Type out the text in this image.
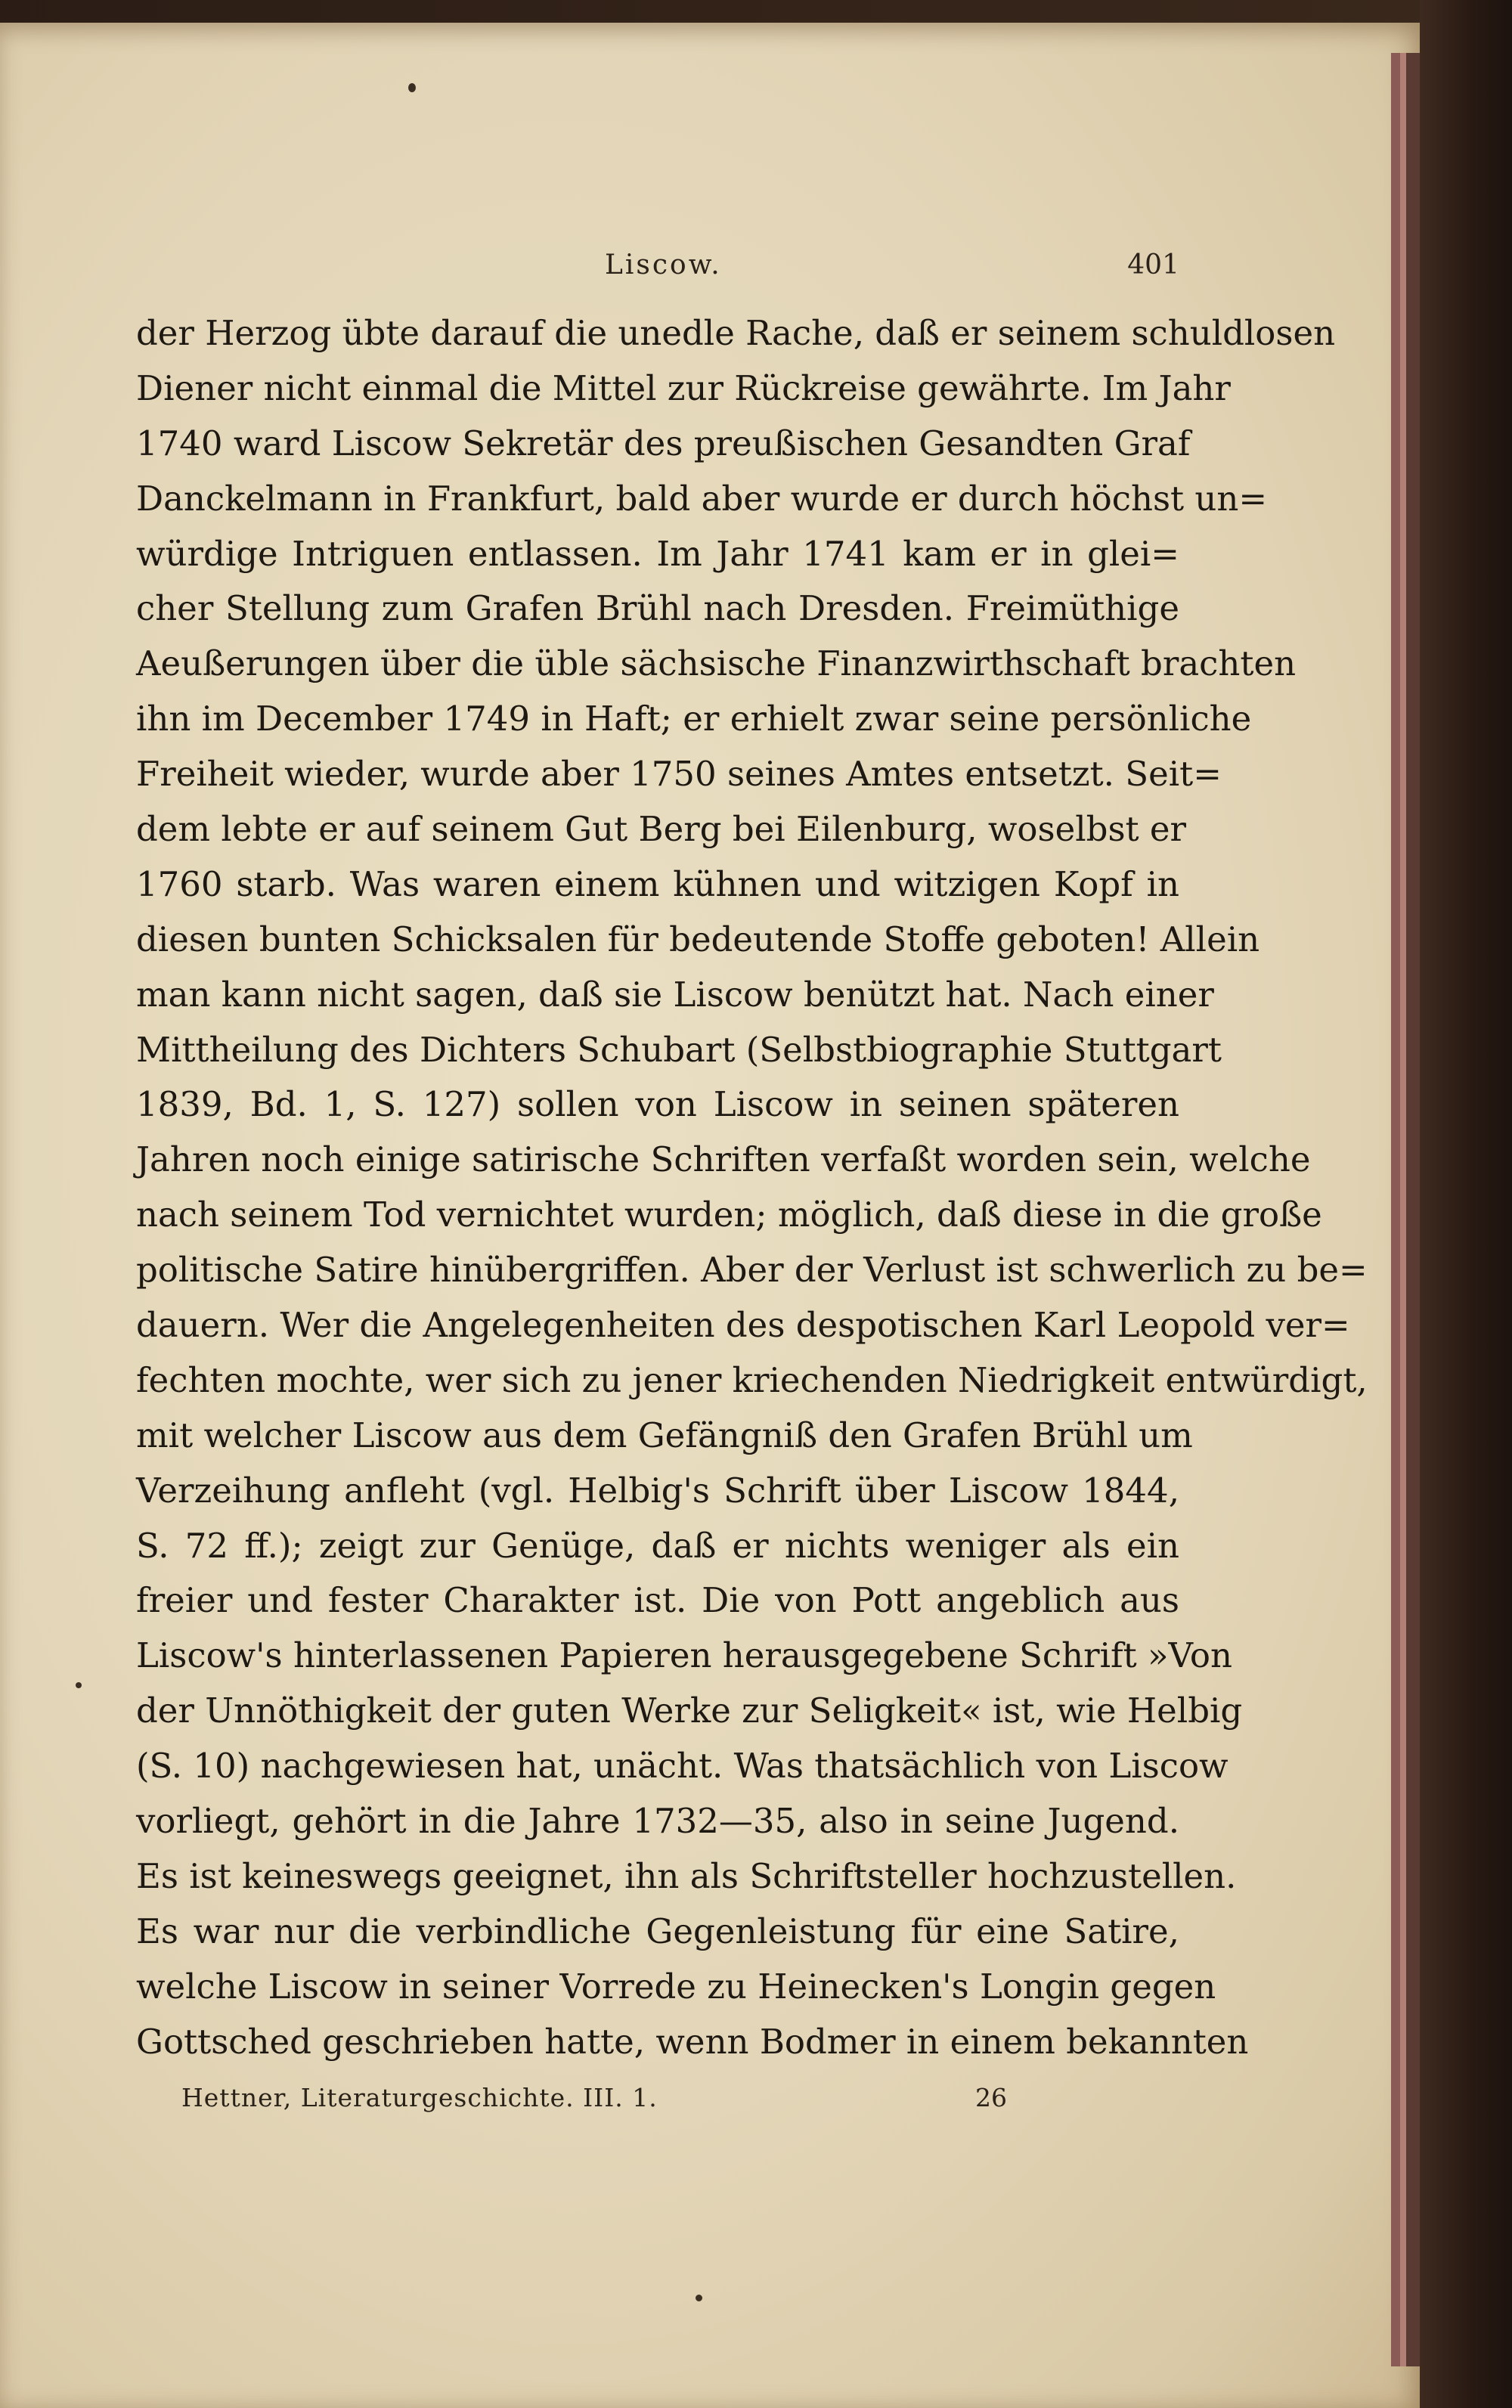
Liscow.	401
der Herzog übte darauf die unedle Rache, daß er seinem schuldlosen
Diener nicht einmal die Mittel zur Rückreise gewährte. Im Jahr
1740 ward Liscow Sekretär des preußischen Gesandten Graf
Danckelmann in Frankfurt, bald aber wurde er durch höchst un=
würdige Intriguen entlassen. Im Jahr 1741 kam er in glei=
cher Stellung zum Grafen Brühl nach Dresden. Freimüthige
Aeußerungen über die üble sächsische Finanzwirthschaft brachten
ihn im December 1749 in Haft; er erhielt zwar seine persönliche
Freiheit wieder, wurde aber 1750 seines Amtes entsetzt. Seit=
dem lebte er auf seinem Gut Berg bei Eilenburg, woselbst er
1760 starb. Was waren einem kühnen und witzigen Kopf in
diesen bunten Schicksalen für bedeutende Stoffe geboten! Allein
man kann nicht sagen, daß sie Liscow benützt hat. Nach einer
Mittheilung des Dichters Schubart (Selbstbiographie Stuttgart
1839, Bd. 1, S. 127) sollen von Liscow in seinen späteren
Jahren noch einige satirische Schriften verfaßt worden sein, welche
nach seinem Tod vernichtet wurden; möglich, daß diese in die große
politische Satire hinübergriffen. Aber der Verlust ist schwerlich zu be=
dauern. Wer die Angelegenheiten des despotischen Karl Leopold ver=
fechten mochte, wer sich zu jener kriechenden Niedrigkeit entwürdigt,
mit welcher Liscow aus dem Gefängniß den Grafen Brühl um
Verzeihung anfleht (vgl. Helbig's Schrift über Liscow 1844,
S. 72 ff.); zeigt zur Genüge, daß er nichts weniger als ein
freier und fester Charakter ist. Die von Pott angeblich aus
Liscow's hinterlassenen Papieren herausgegebene Schrift »Von
der Unnöthigkeit der guten Werke zur Seligkeit« ist, wie Helbig
(S. 10) nachgewiesen hat, unächt. Was thatsächlich von Liscow
vorliegt, gehört in die Jahre 1732—35, also in seine Jugend.
Es ist keineswegs geeignet, ihn als Schriftsteller hochzustellen.
Es war nur die verbindliche Gegenleistung für eine Satire,
welche Liscow in seiner Vorrede zu Heinecken's Longin gegen
Gottsched geschrieben hatte, wenn Bodmer in einem bekannten
Hettner, Literaturgeschichte. III. 1.	26
